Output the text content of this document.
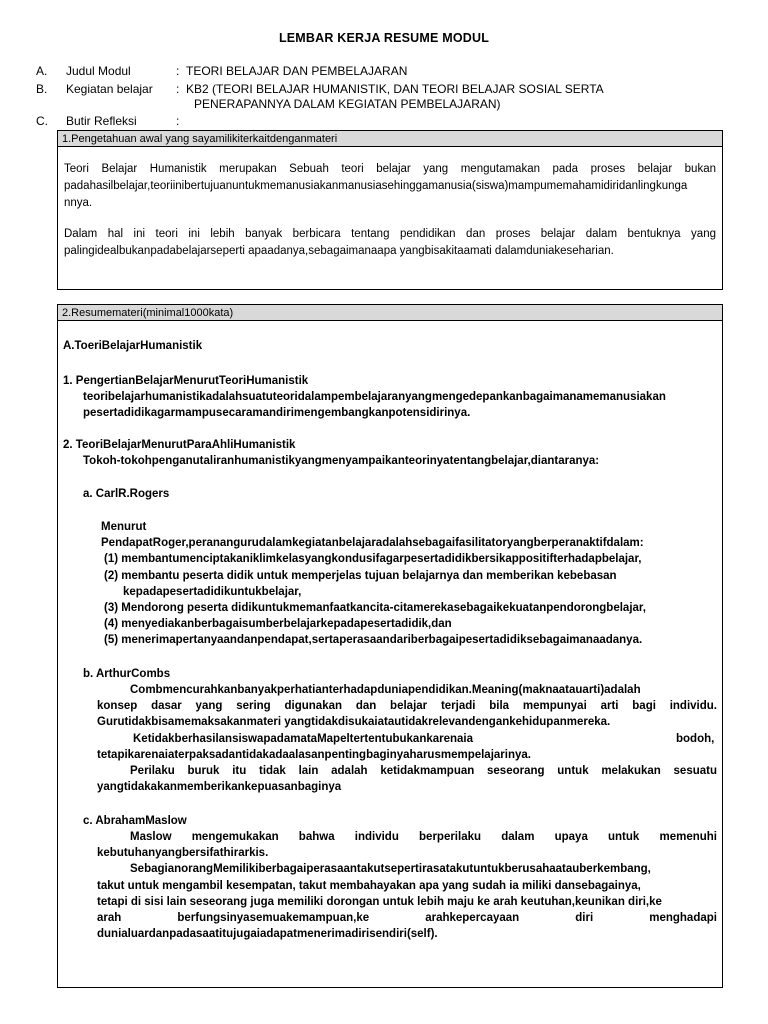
LEMBAR KERJA RESUME MODUL
A. Judul Modul	: TEORI BELAJAR DAN PEMBELAJARAN
B. Kegiatan belajar : KB2 (TEORI BELAJAR HUMANISTIK, DAN TEORI BELAJAR SOSIAL SERTA
PENERAPANNYA DALAM KEGIATAN PEMBELAJARAN)
C. Butir Refleksi	:
1.Pengetahuan awal yang sayamilikiterkaitdenganmateri

Teori Belajar Humanistik merupakan Sebuah teori belajar yang mengutamakan pada proses belajar bukan padahasilbelajar,teoriinibertujuanuntukmemanusiakanmanusiasehinggamanusia(siswa)mampumemahamidiridanlingkunga nnya.

Dalam hal ini teori ini lebih banyak berbicara tentang pendidikan dan proses belajar dalam bentuknya yang palingidealbukanpadabelajarseperti apaadanya,sebagaimanaapa yangbisakitaamati dalamduniakeseharian.

2.Resumemateri(minimal1000kata)
A.ToeriBelajarHumanistik
1. PengertianBelajarMenurutTeoriHumanistik
teoribelajarhumanistikadalahsuatuteoridalampembelajaranyangmengedepankanbagaimanamemanusiakan
pesertadidikagarmampusecaramandirimengembangkanpotensidirinya.
2. TeoriBelajarMenurutParaAhliHumanistik
Tokoh-tokohpenganutaliranhumanistikyangmenyampaikanteorinyatentangbelajar,diantaranya:
a. CarlR.Rogers
Menurut
PendapatRoger,peranangurudalamkegiatanbelajaradalahsebagaifasilitatoryangberperanaktifdalam:
(1) membantumenciptakaniklimkelasyangkondusifagarpesertadidikbersikappositifterhadapbelajar,
(2) membantu peserta didik untuk memperjelas tujuan belajarnya dan memberikan kebebasan
kepadapesertadidikuntukbelajar,
(3) Mendorong peserta didikuntukmemanfaatkancita-citamerekasebagaikekuatanpendorongbelajar,
(4) menyediakanberbagaisumberbelajarkepadapesertadidik,dan
(5) menerimapertanyaandanpendapat,sertaperasaandariberbagaipesertadidiksebagaimanaadanya.
b. ArthurCombs
Combmencurahkanbanyakperhatianterhadapduniapendidikan.Meaning(maknaatauarti)adalah
konsep dasar yang sering digunakan dan belajar terjadi bila mempunyai arti bagi individu.
Gurutidakbisamemaksakanmateri yangtidakdisukaiatautidakrelevandengankehidupanmereka.
KetidakberhasilansiswapadamataMapeltertentubukankarenaia	bodoh,
tetapikarenaiaterpaksadantidakadaalasanpentingbaginyaharusmempelajarinya.
Perilaku buruk itu tidak lain adalah ketidakmampuan seseorang untuk melakukan sesuatu
yangtidakakanmemberikankepuasanbaginya
c. AbrahamMaslow
Maslow mengemukakan bahwa individu berperilaku dalam upaya untuk memenuhi
kebutuhanyangbersifathirarkis.
SebagianorangMemilikiberbagaiperasaantakutsepertirasatakutuntukberusahaatauberkembang,
takut untuk mengambil kesempatan, takut membahayakan apa yang sudah ia miliki dansebagainya,
tetapi di sisi lain seseorang juga memiliki dorongan untuk lebih maju ke arah keutuhan,keunikan diri,ke
arah	berfungsinyasemuakemampuan,ke	arahkepercayaan	diri	menghadapi
dunialuardanpadasaatitujugaiadapatmenerimadirisendiri(self).
